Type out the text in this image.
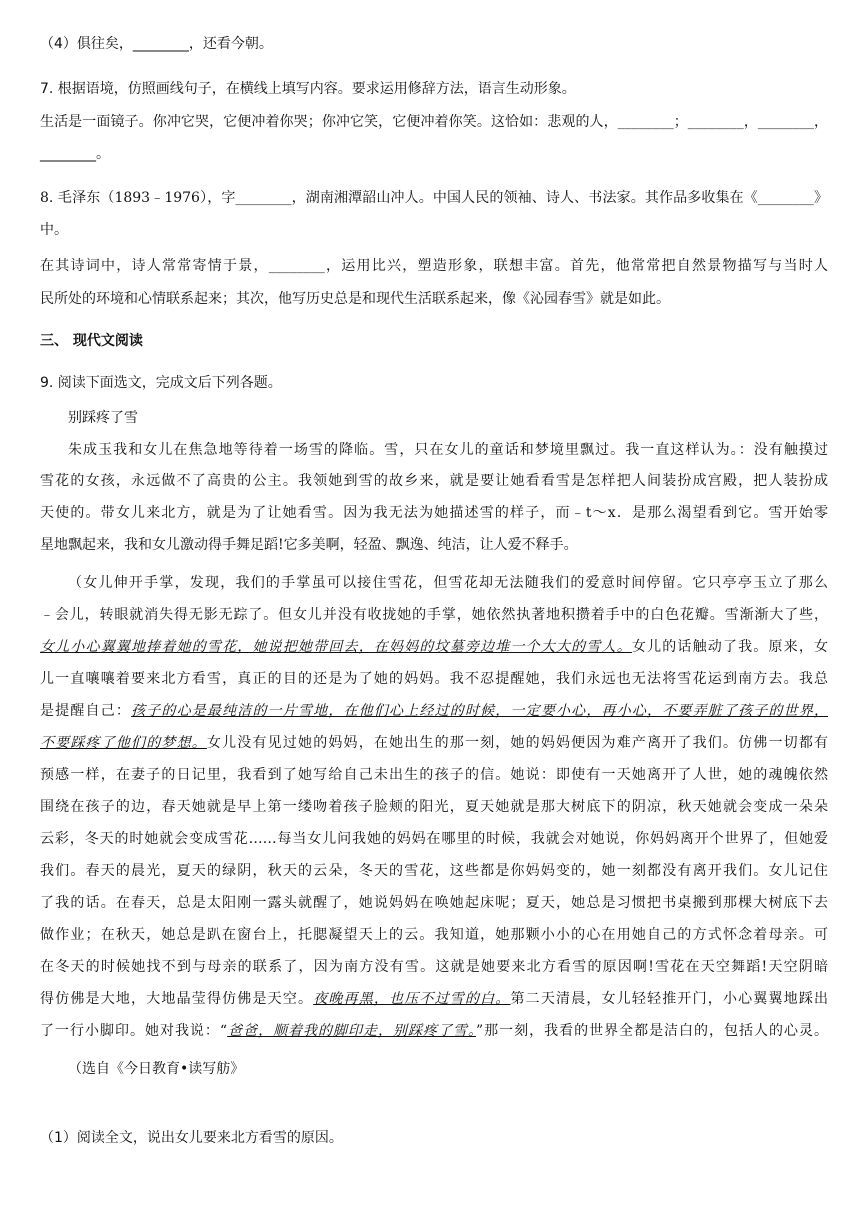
（4）俱往矣，________，还看今朝。
7. 根据语境，仿照画线句子，在横线上填写内容。要求运用修辞方法，语言生动形象。
生活是一面镜子。你冲它哭，它便冲着你哭；你冲它笑，它便冲着你笑。这恰如：悲观的人，________；________，________，
________。
8. 毛泽东（1893﹣1976），字________，湖南湘潭韶山冲人。中国人民的领袖、诗人、书法家。其作品多收集在《________》
中。
在其诗词中，诗人常常寄情于景，________，运用比兴，塑造形象，联想丰富。首先，他常常把自然景物描写与当时人
民所处的环境和心情联系起来；其次，他写历史总是和现代生活联系起来，像《沁园春雪》就是如此。
三、 现代文阅读
9. 阅读下面选文，完成文后下列各题。
别踩疼了雪
朱成玉我和女儿在焦急地等待着一场雪的降临。雪，只在女儿的童话和梦境里飘过。我一直这样认为。：没有触摸过
雪花的女孩，永远做不了高贵的公主。我领她到雪的故乡来，就是要让她看看雪是怎样把人间装扮成宫殿，把人装扮成
天使的。带女儿来北方，就是为了让她看雪。因为我无法为她描述雪的样子，而﹣t～x．是那么渴望看到它。雪开始零
星地飘起来，我和女儿激动得手舞足蹈!它多美啊，轻盈、飘逸、纯洁，让人爱不释手。
（女儿伸开手掌，发现，我们的手掌虽可以接住雪花，但雪花却无法随我们的爱意时间停留。它只亭亭玉立了那么
﹣会儿，转眼就消失得无影无踪了。但女儿并没有收拢她的手掌，她依然执著地积攒着手中的白色花瓣。雪渐渐大了些，
女儿小心翼翼地捧着她的雪花，她说把她带回去，在妈妈的坟墓旁边堆一个大大的雪人。女儿的话触动了我。原来，女
儿一直嚷嚷着要来北方看雪，真正的目的还是为了她的妈妈。我不忍提醒她，我们永远也无法将雪花运到南方去。我总
是提醒自己：孩子的心是最纯洁的一片雪地，在他们心上经过的时候，一定要小心，再小心，不要弄脏了孩子的世界，
不要踩疼了他们的梦想。女儿没有见过她的妈妈，在她出生的那一刻，她的妈妈便因为难产离开了我们。仿佛一切都有
预感一样，在妻子的日记里，我看到了她写给自己未出生的孩子的信。她说：即使有一天她离开了人世，她的魂魄依然
围绕在孩子的边，春天她就是早上第一缕吻着孩子脸颊的阳光，夏天她就是那大树底下的阴凉，秋天她就会变成一朵朵
云彩，冬天的时她就会变成雪花……每当女儿问我她的妈妈在哪里的时候，我就会对她说，你妈妈离开个世界了，但她爱
我们。春天的晨光，夏天的绿阴，秋天的云朵，冬天的雪花，这些都是你妈妈变的，她一刻都没有离开我们。女儿记住
了我的话。在春天，总是太阳刚一露头就醒了，她说妈妈在唤她起床呢；夏天，她总是习惯把书桌搬到那棵大树底下去
做作业；在秋天，她总是趴在窗台上，托腮凝望天上的云。我知道，她那颗小小的心在用她自己的方式怀念着母亲。可
在冬天的时候她找不到与母亲的联系了，因为南方没有雪。这就是她要来北方看雪的原因啊!雪花在天空舞蹈!天空阴暗
得仿佛是大地，大地晶莹得仿佛是天空。夜晚再黑，也压不过雪的白。第二天清晨，女儿轻轻推开门，小心翼翼地踩出
了一行小脚印。她对我说：“爸爸，顺着我的脚印走，别踩疼了雪。”那一刻，我看的世界全都是洁白的，包括人的心灵。
（选自《今日教育•读写舫》
（1）阅读全文，说出女儿要来北方看雪的原因。
